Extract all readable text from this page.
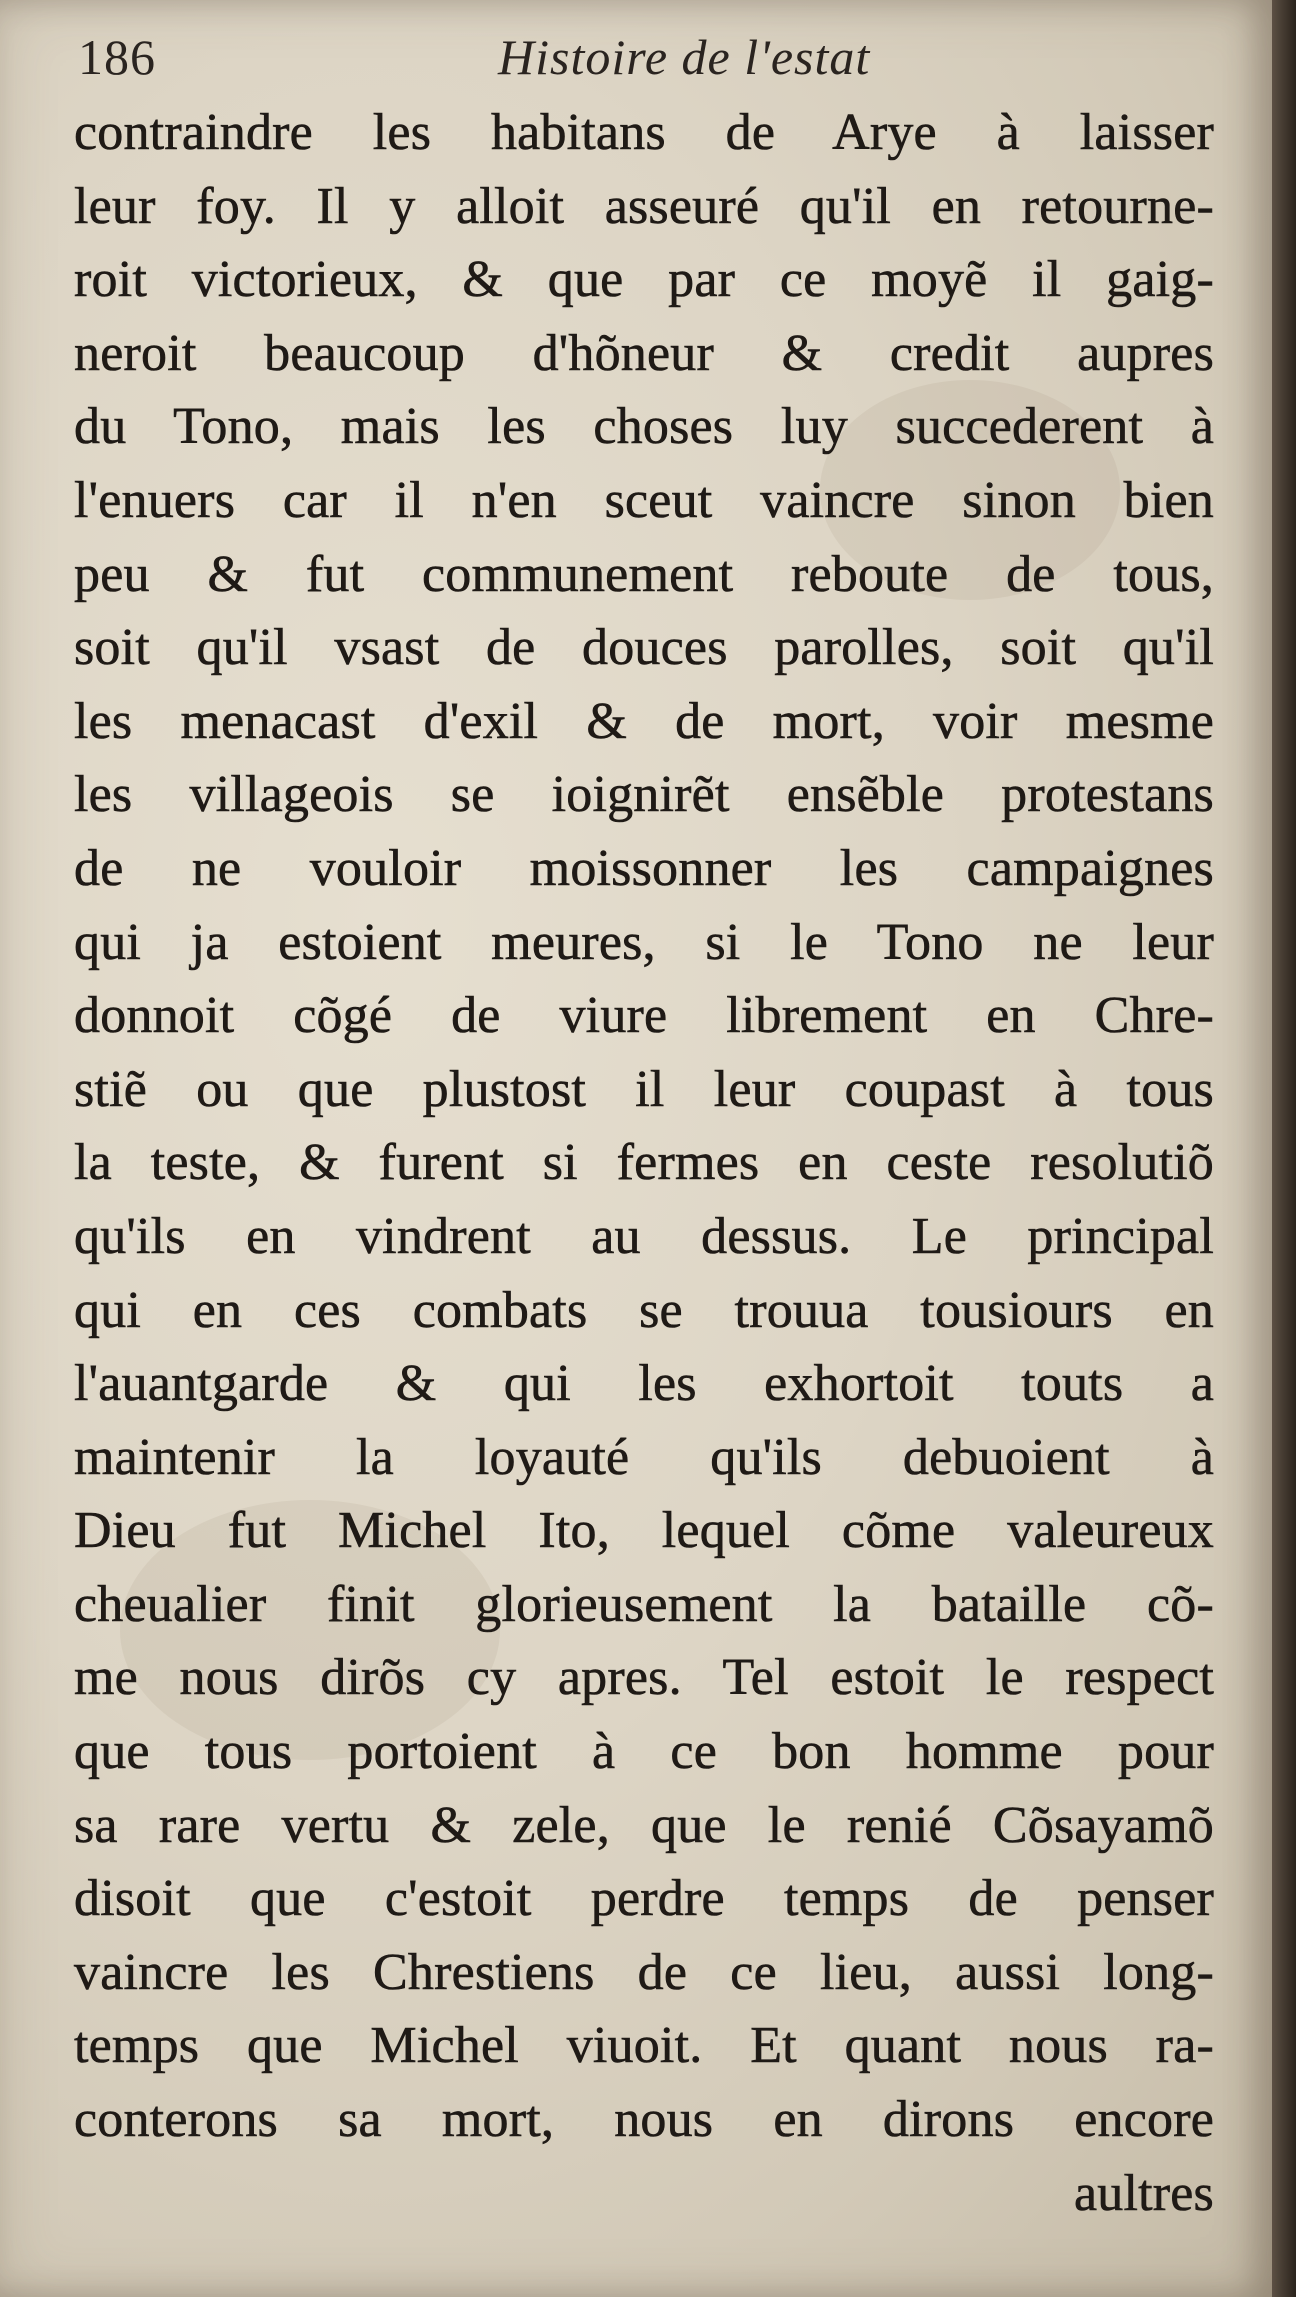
186	Histoire de l'estat
contraindre les habitans de Arye à laisser
leur foy. Il y alloit asseuré qu'il en retourne-
roit victorieux, & que par ce moyẽ il gaig-
neroit beaucoup d'hõneur & credit aupres
du Tono, mais les choses luy succederent à
l'enuers car il n'en sceut vaincre sinon bien
peu & fut communement reboute de tous,
soit qu'il vsast de douces parolles, soit qu'il
les menacast d'exil & de mort, voir mesme
les villageois se ioignirẽt ensẽble protestans
de ne vouloir moissonner les campaignes
qui ja estoient meures, si le Tono ne leur
donnoit cõgé de viure librement en Chre-
stiẽ ou que plustost il leur coupast à tous
la teste, & furent si fermes en ceste resolutiõ
qu'ils en vindrent au dessus. Le principal
qui en ces combats se trouua tousiours en
l'auantgarde & qui les exhortoit touts a
maintenir la loyauté qu'ils debuoient à
Dieu fut Michel Ito, lequel cõme valeureux
cheualier finit glorieusement la bataille cõ-
me nous dirõs cy apres. Tel estoit le respect
que tous portoient à ce bon homme pour
sa rare vertu & zele, que le renié Cõsayamõ
disoit que c'estoit perdre temps de penser
vaincre les Chrestiens de ce lieu, aussi long-
temps que Michel viuoit. Et quant nous ra-
conterons sa mort, nous en dirons encore
aultres
